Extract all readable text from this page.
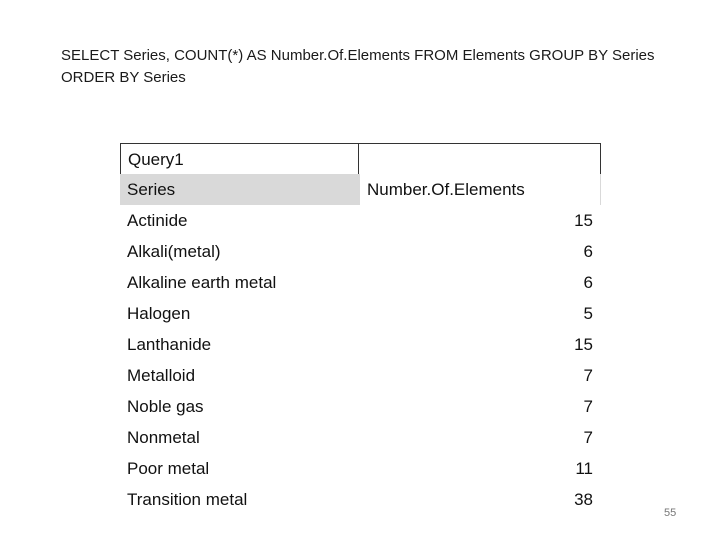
SELECT Series, COUNT(*) AS Number.Of.Elements FROM Elements GROUP BY Series ORDER BY Series
Query1
Series	Number.Of.Elements
Actinide	15
Alkali(metal)	6
Alkaline earth metal	6
Halogen	5
Lanthanide	15
Metalloid	7
Noble gas	7
Nonmetal	7
Poor metal	11
Transition metal	38
55
